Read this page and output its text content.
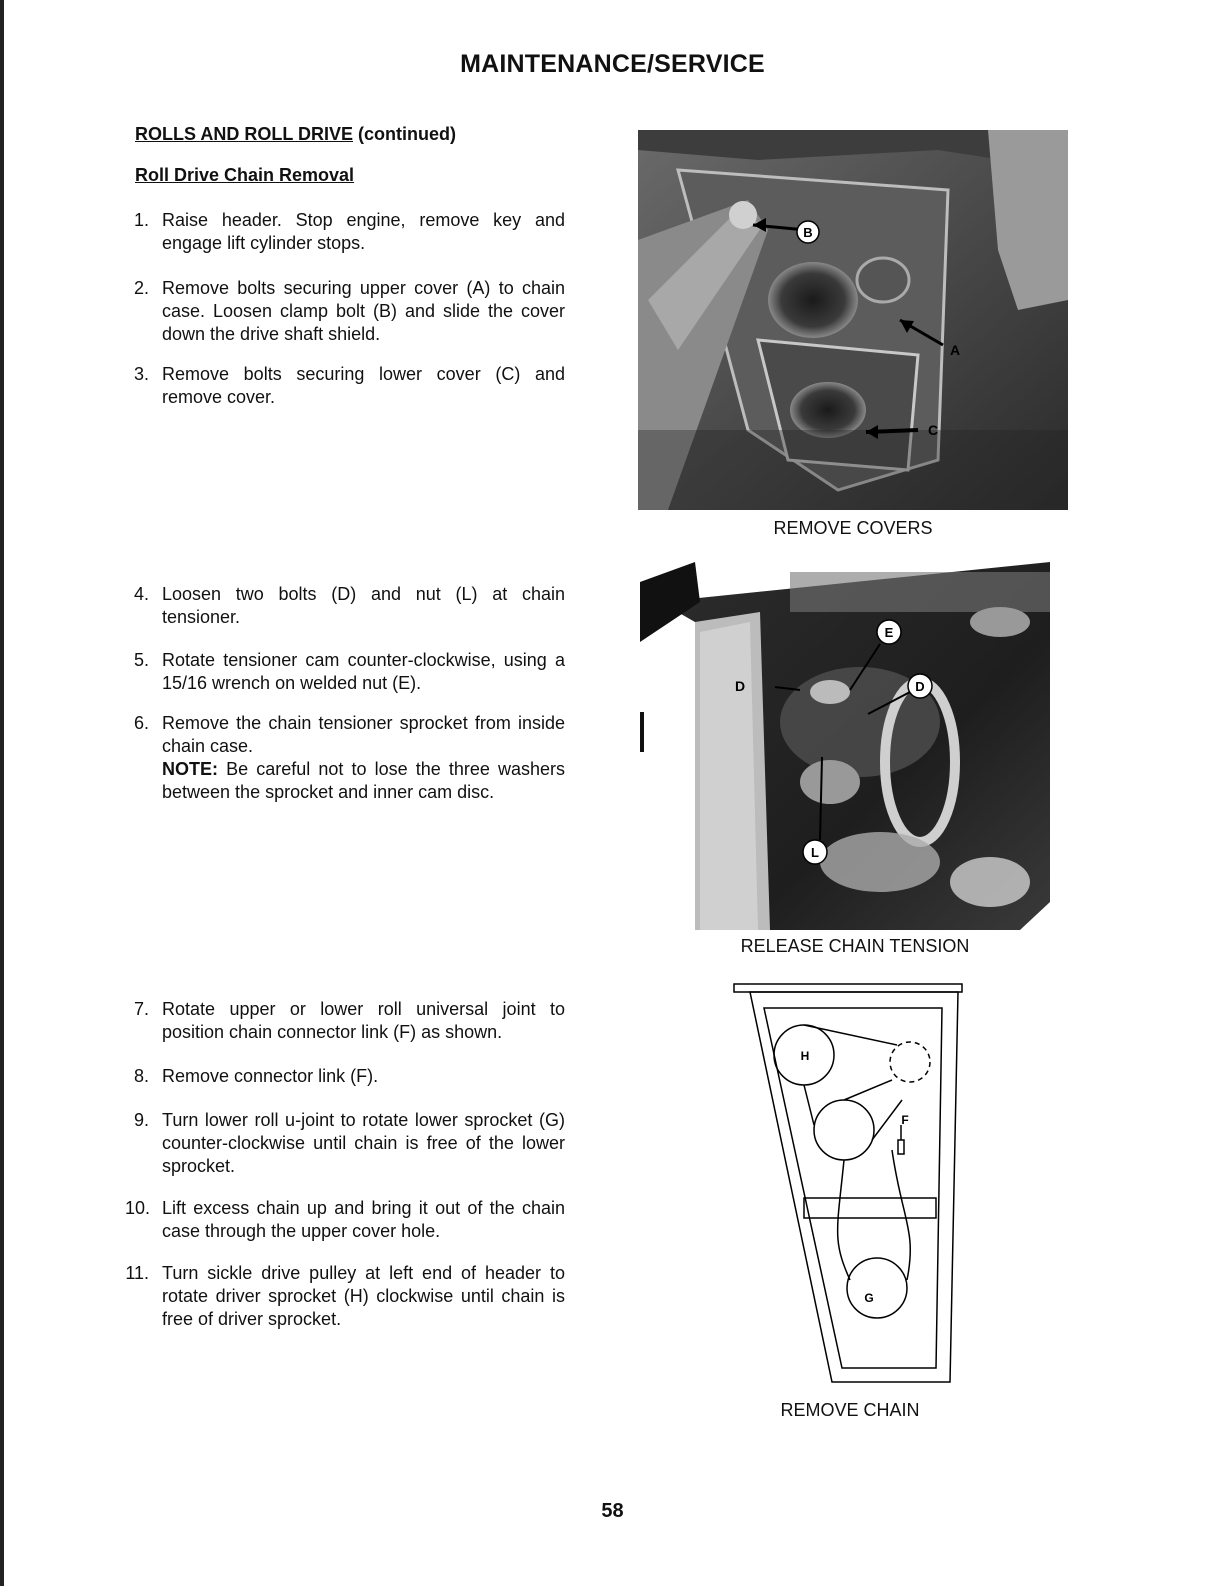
MAINTENANCE/SERVICE
ROLLS AND ROLL DRIVE (continued)
Roll Drive Chain Removal
1. Raise header. Stop engine, remove key and engage lift cylinder stops.
2. Remove bolts securing upper cover (A) to chain case. Loosen clamp bolt (B) and slide the cover down the drive shaft shield.
3. Remove bolts securing lower cover (C) and remove cover.
4. Loosen two bolts (D) and nut (L) at chain tensioner.
5. Rotate tensioner cam counter-clockwise, using a 15/16 wrench on welded nut (E).
6. Remove the chain tensioner sprocket from inside chain case.
NOTE: Be careful not to lose the three washers between the sprocket and inner cam disc.
7. Rotate upper or lower roll universal joint to position chain connector link (F) as shown.
8. Remove connector link (F).
9. Turn lower roll u-joint to rotate lower sprocket (G) counter-clockwise until chain is free of the lower sprocket.
10. Lift excess chain up and bring it out of the chain case through the upper cover hole.
11. Turn sickle drive pulley at left end of header to rotate driver sprocket (H) clockwise until chain is free of driver sprocket.
B
A
C
REMOVE COVERS
D
E
D
L
RELEASE CHAIN TENSION
H
F
G
REMOVE CHAIN
58
